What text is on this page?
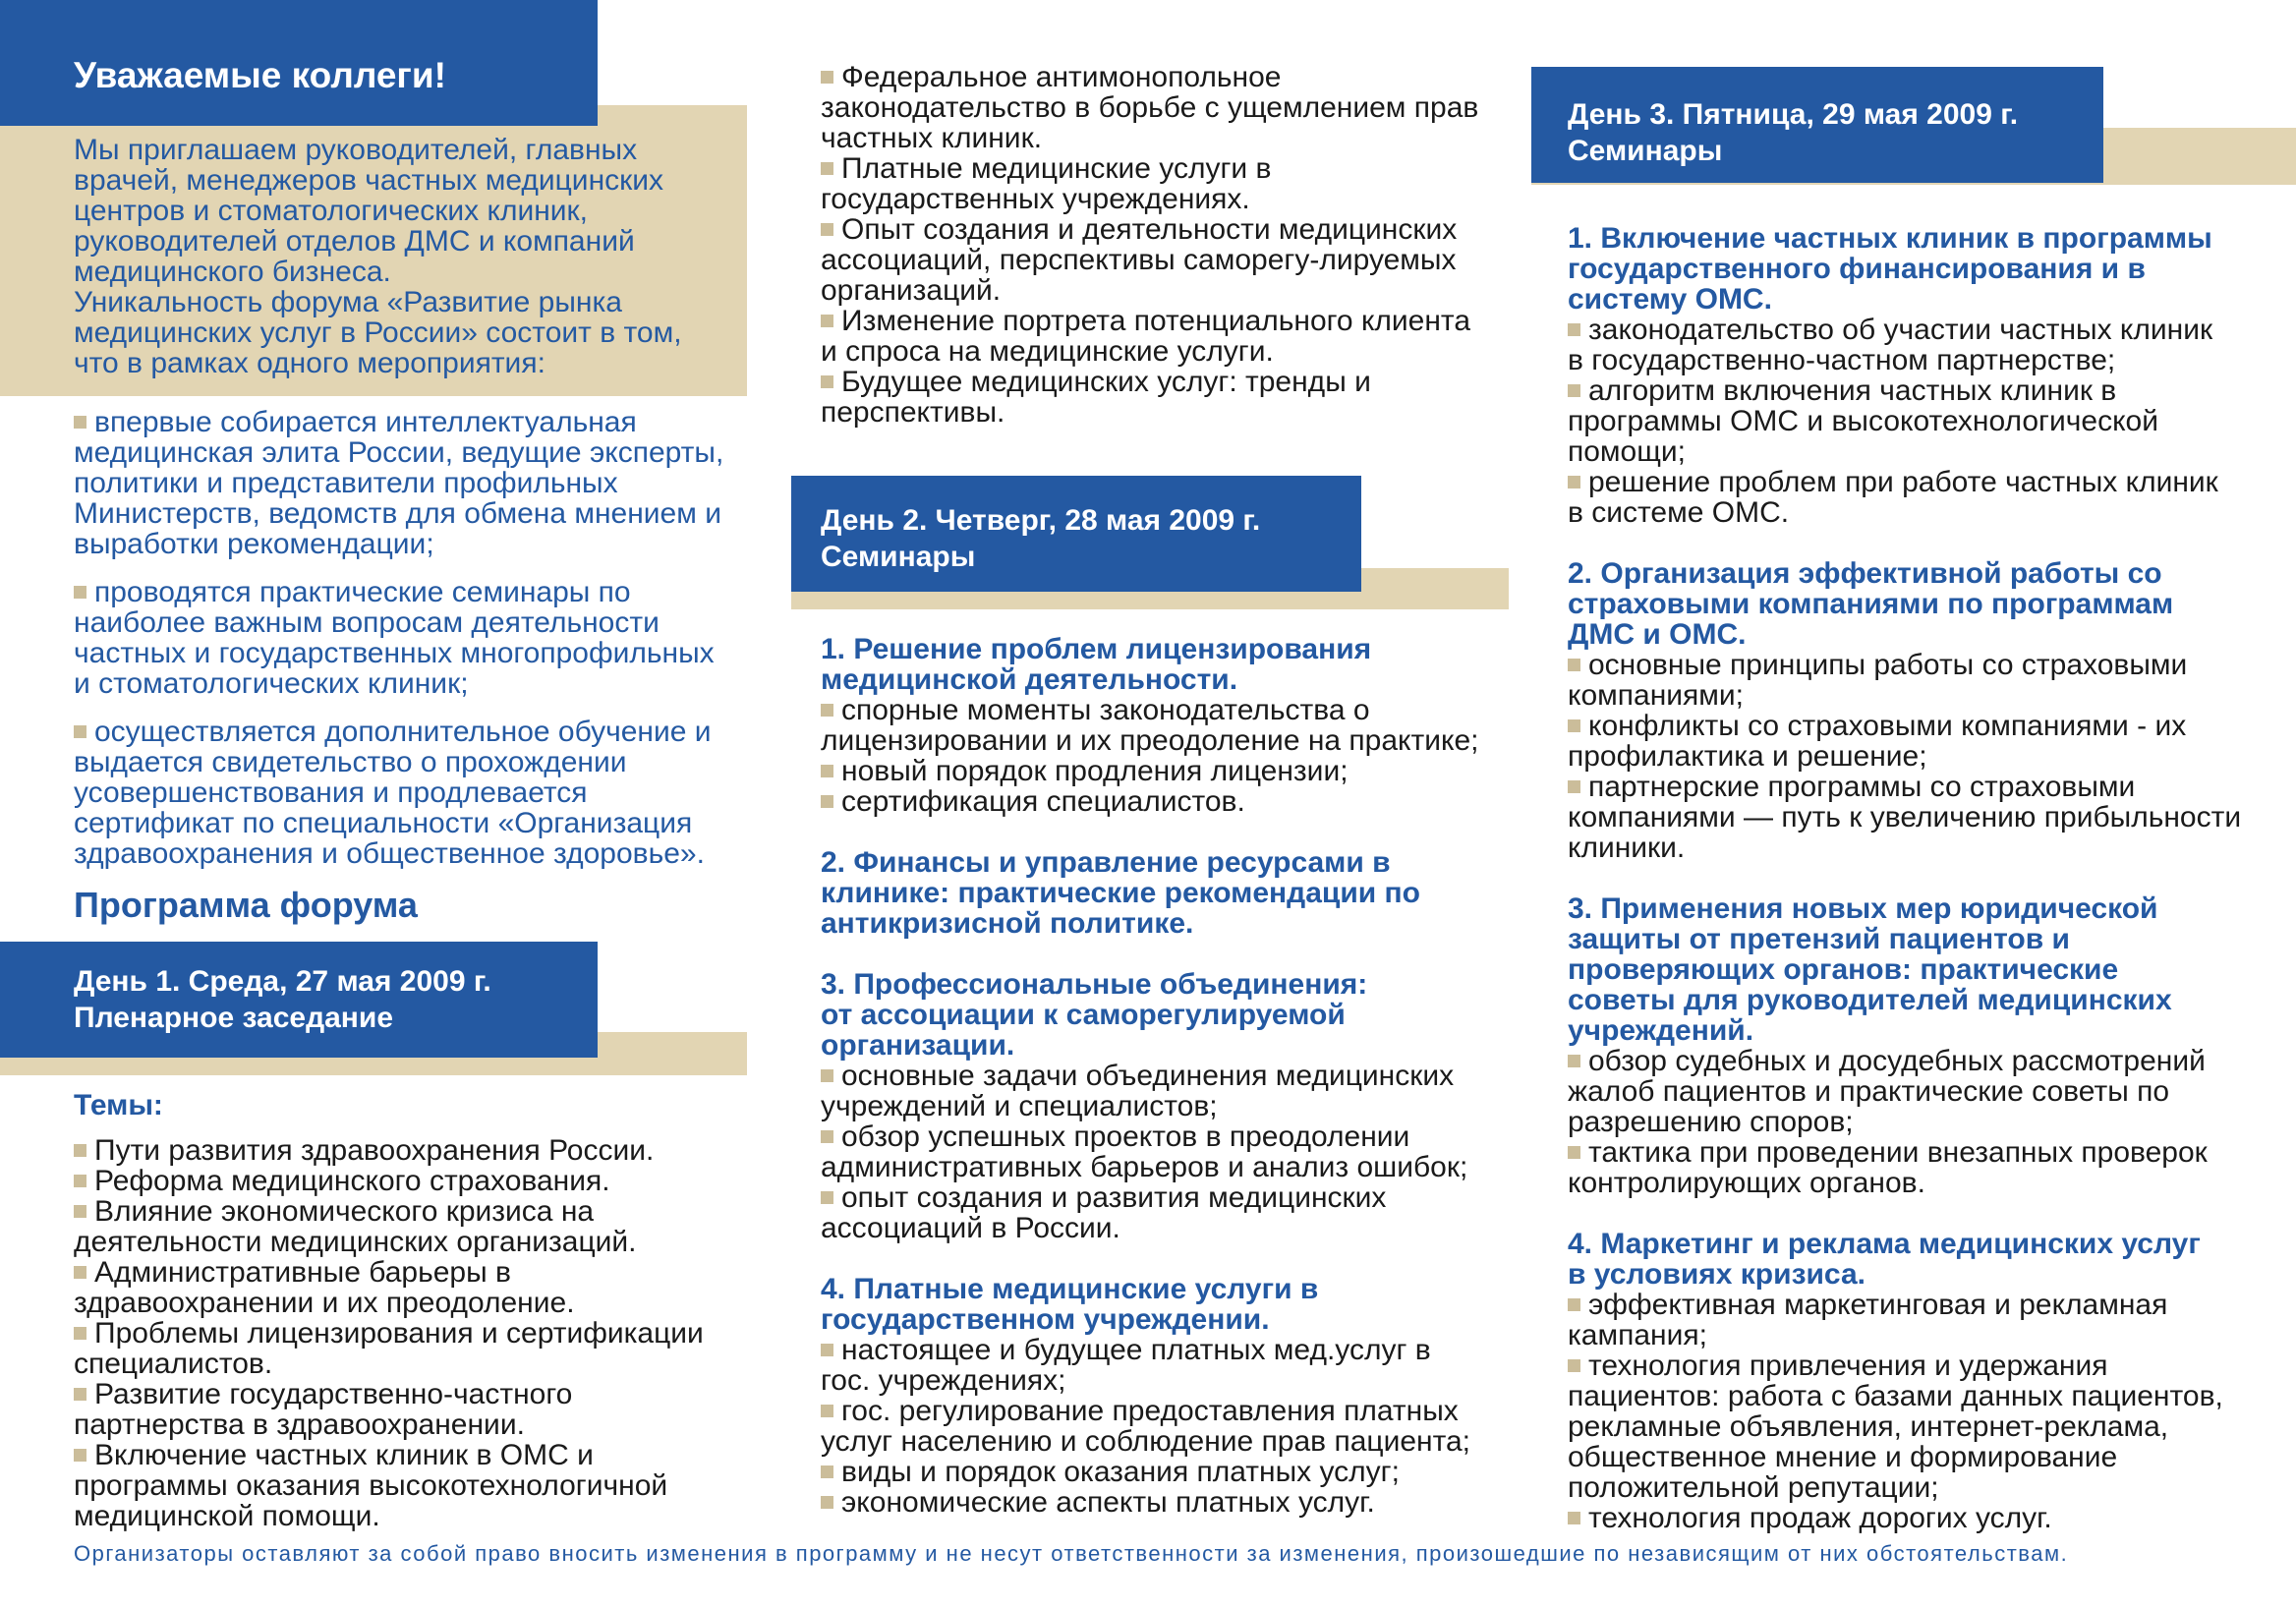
Уважаемые коллеги!
Мы приглашаем руководителей, главных
врачей, менеджеров частных медицинских
центров и стоматологических клиник,
руководителей отделов ДМС и компаний
медицинского бизнеса.
Уникальность форума «Развитие рынка
медицинских услуг в России» состоит в том,
что в рамках одного мероприятия:
впервые собирается интеллектуальная
медицинская элита России, ведущие эксперты,
политики и представители профильных
Министерств, ведомств для обмена мнением и
выработки рекомендации;
проводятся практические семинары по
наиболее важным вопросам деятельности
частных и государственных многопрофильных
и стоматологических клиник;
осуществляется дополнительное обучение и
выдается свидетельство о прохождении
усовершенствования и продлевается
сертификат по специальности «Организация
здравоохранения и общественное здоровье».
Программа форума
День 1. Среда, 27 мая 2009 г.
Пленарное заседание
Темы:
Пути развития здравоохранения России.
Реформа медицинского страхования.
Влияние экономического кризиса на
деятельности медицинских организаций.
Административные барьеры в
здравоохранении и их преодоление.
Проблемы лицензирования и сертификации
специалистов.
Развитие государственно-частного
партнерства в здравоохранении.
Включение частных клиник в ОМС и
программы оказания высокотехнологичной
медицинской помощи.
Федеральное антимонопольное
законодательство в борьбе с ущемлением прав
частных клиник.
Платные медицинские услуги в
государственных учреждениях.
Опыт создания и деятельности медицинских
ассоциаций, перспективы саморегу-лируемых
организаций.
Изменение портрета потенциального клиента
и спроса на медицинские услуги.
Будущее медицинских услуг: тренды и
перспективы.
День 2. Четверг, 28 мая 2009 г.
Семинары
1. Решение проблем лицензирования
медицинской деятельности.
спорные моменты законодательства о
лицензировании и их преодоление на практике;
новый порядок продления лицензии;
сертификация специалистов.
2. Финансы и управление ресурсами в
клинике: практические рекомендации по
антикризисной политике.
3. Профессиональные объединения:
от ассоциации к саморегулируемой
организации.
основные задачи объединения медицинских
учреждений и специалистов;
обзор успешных проектов в преодолении
административных барьеров и анализ ошибок;
опыт создания и развития медицинских
ассоциаций в России.
4. Платные медицинские услуги в
государственном учреждении.
настоящее и будущее платных мед.услуг в
гос. учреждениях;
гос. регулирование предоставления платных
услуг населению и соблюдение прав пациента;
виды и порядок оказания платных услуг;
экономические аспекты платных услуг.
День 3. Пятница, 29 мая 2009 г.
Семинары
1. Включение частных клиник в программы
государственного финансирования и в
систему ОМС.
законодательство об участии частных клиник
в государственно-частном партнерстве;
алгоритм включения частных клиник в
программы ОМС и высокотехнологической
помощи;
решение проблем при работе частных клиник
в системе ОМС.
2. Организация эффективной работы со
страховыми компаниями по программам
ДМС и ОМС.
основные принципы работы со страховыми
компаниями;
конфликты со страховыми компаниями - их
профилактика и решение;
партнерские программы со страховыми
компаниями — путь к увеличению прибыльности
клиники.
3. Применения новых мер юридической
защиты от претензий пациентов и
проверяющих органов: практические
советы для руководителей медицинских
учреждений.
обзор судебных и досудебных рассмотрений
жалоб пациентов и практические советы по
разрешению споров;
тактика при проведении внезапных проверок
контролирующих органов.
4. Маркетинг и реклама медицинских услуг
в условиях кризиса.
эффективная маркетинговая и рекламная
кампания;
технология привлечения и удержания
пациентов: работа с базами данных пациентов,
рекламные объявления, интернет-реклама,
общественное мнение и формирование
положительной репутации;
технология продаж дорогих услуг.
Организаторы оставляют за собой право вносить изменения в программу и не несут ответственности за изменения, произошедшие по независящим от них обстоятельствам.
